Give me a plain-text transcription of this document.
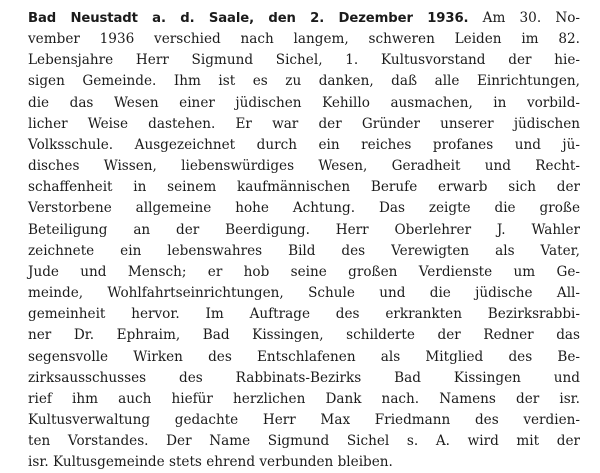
Bad Neustadt a. d. Saale, den 2. Dezember 1936. Am 30. No-
vember 1936 verschied nach langem, schweren Leiden im 82.
Lebensjahre Herr Sigmund Sichel, 1. Kultusvorstand der hie-
sigen Gemeinde. Ihm ist es zu danken, daß alle Einrichtungen,
die das Wesen einer jüdischen Kehillo ausmachen, in vorbild-
licher Weise dastehen. Er war der Gründer unserer jüdischen
Volksschule. Ausgezeichnet durch ein reiches profanes und jü-
disches Wissen, liebenswürdiges Wesen, Geradheit und Recht-
schaffenheit in seinem kaufmännischen Berufe erwarb sich der
Verstorbene allgemeine hohe Achtung. Das zeigte die große
Beteiligung an der Beerdigung. Herr Oberlehrer J. Wahler
zeichnete ein lebenswahres Bild des Verewigten als Vater,
Jude und Mensch; er hob seine großen Verdienste um Ge-
meinde, Wohlfahrtseinrichtungen, Schule und die jüdische All-
gemeinheit hervor. Im Auftrage des erkrankten Bezirksrabbi-
ner Dr. Ephraim, Bad Kissingen, schilderte der Redner das
segensvolle Wirken des Entschlafenen als Mitglied des Be-
zirksausschusses des Rabbinats-Bezirks Bad Kissingen und
rief ihm auch hiefür herzlichen Dank nach. Namens der isr.
Kultusverwaltung gedachte Herr Max Friedmann des verdien-
ten Vorstandes. Der Name Sigmund Sichel s. A. wird mit der
isr. Kultusgemeinde stets ehrend verbunden bleiben.
